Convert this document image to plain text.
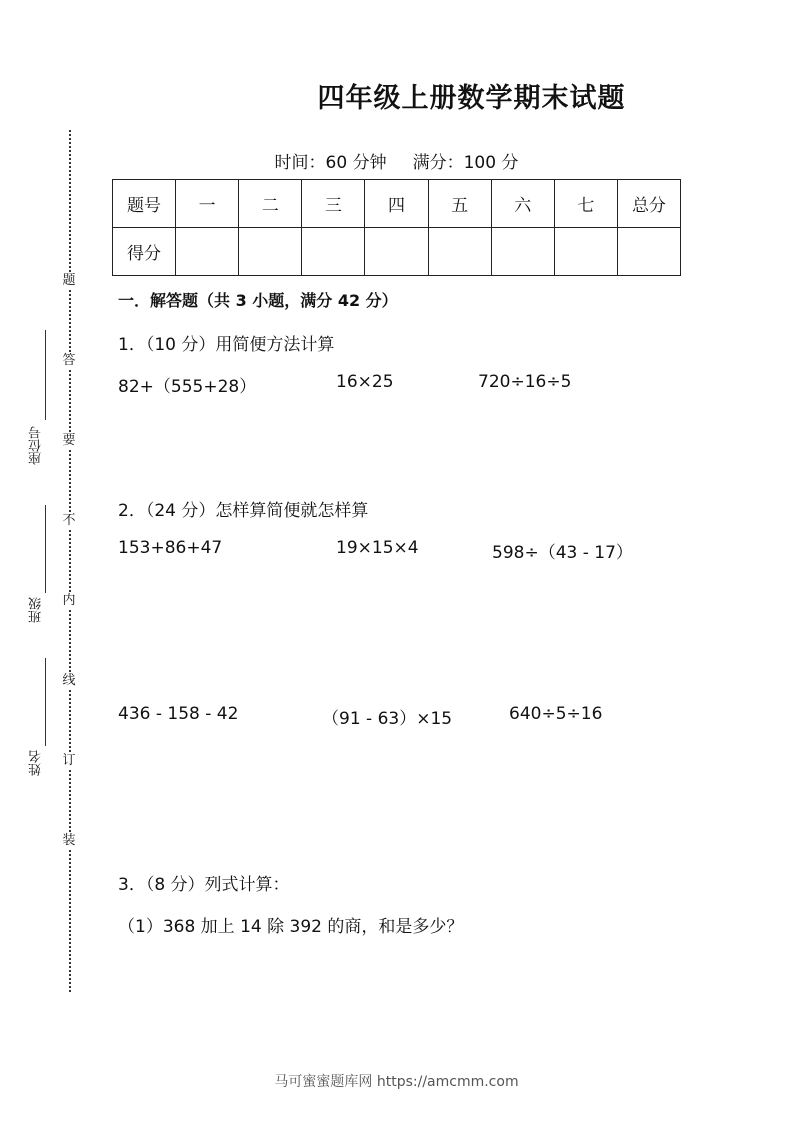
题
答
要
不
内
线
订
装
座位号
班级
姓名
四年级上册数学期末试题
时间：60 分钟 满分：100 分
题号	一	二	三	四	五	六	七	总分
得分								
一．解答题（共 3 小题，满分 42 分）
1．（10 分）用简便方法计算
82+（555+28）	16×25	720÷16÷5
2．（24 分）怎样算简便就怎样算
153+86+47	19×15×4	598÷（43 - 17）
436 - 158 - 42	（91 - 63）×15	640÷5÷16
3．（8 分）列式计算：
（1）368 加上 14 除 392 的商，和是多少？
马可蜜蜜题库网 https://amcmm.com
